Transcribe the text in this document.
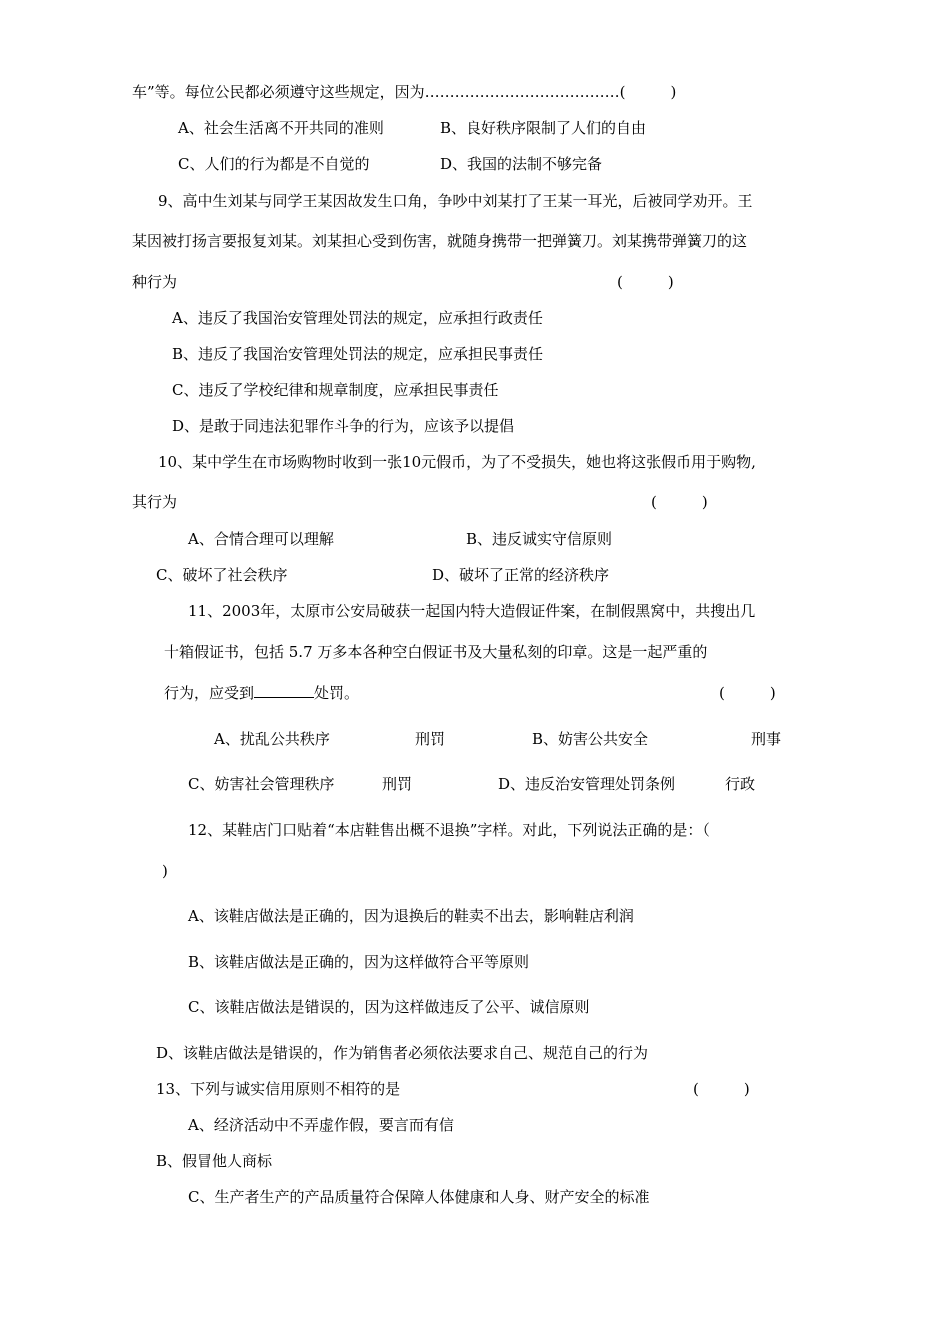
车”等。每位公民都必须遵守这些规定，因为…………………………………(　　　)
A、社会生活离不开共同的准则	B、良好秩序限制了人们的自由
C、人们的行为都是不自觉的	D、我国的法制不够完备
9、高中生刘某与同学王某因故发生口角，争吵中刘某打了王某一耳光，后被同学劝开。王
某因被打扬言要报复刘某。刘某担心受到伤害，就随身携带一把弹簧刀。刘某携带弹簧刀的这
种行为	(　　　)
A、违反了我国治安管理处罚法的规定，应承担行政责任
B、违反了我国治安管理处罚法的规定，应承担民事责任
C、违反了学校纪律和规章制度，应承担民事责任
D、是敢于同违法犯罪作斗争的行为，应该予以提倡
10、某中学生在市场购物时收到一张10元假币，为了不受损失，她也将这张假币用于购物,
其行为	(　　　)
A、合情合理可以理解	B、违反诚实守信原则
C、破坏了社会秩序	D、破坏了正常的经济秩序
11、2003年，太原市公安局破获一起国内特大造假证件案，在制假黑窝中，共搜出几
十箱假证书，包括 5.7 万多本各种空白假证书及大量私刻的印章。这是一起严重的
行为，应受到	处罚。	(　　　)
A、扰乱公共秩序	刑罚	B、妨害公共安全	刑事
C、妨害社会管理秩序	刑罚	D、违反治安管理处罚条例	行政
12、某鞋店门口贴着“本店鞋售出概不退换”字样。对此，下列说法正确的是：（
)
A、该鞋店做法是正确的，因为退换后的鞋卖不出去，影响鞋店利润
B、该鞋店做法是正确的，因为这样做符合平等原则
C、该鞋店做法是错误的，因为这样做违反了公平、诚信原则
D、该鞋店做法是错误的，作为销售者必须依法要求自己、规范自己的行为
13、下列与诚实信用原则不相符的是	(　　　)
A、经济活动中不弄虚作假，要言而有信
B、假冒他人商标
C、生产者生产的产品质量符合保障人体健康和人身、财产安全的标准
